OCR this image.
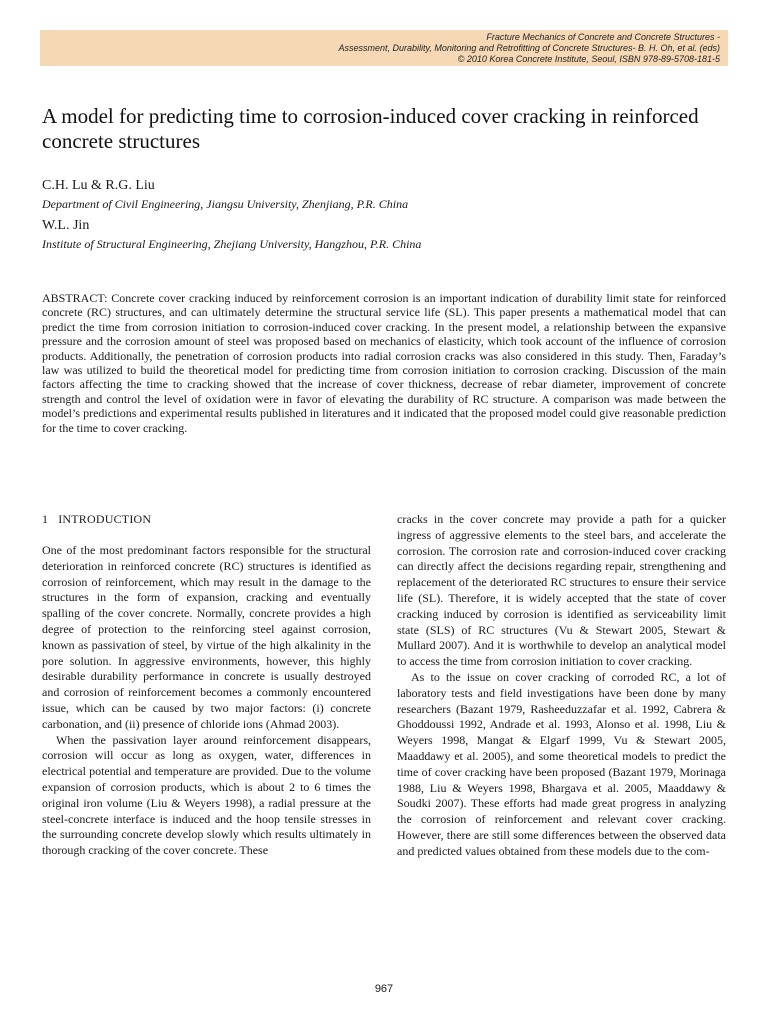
Fracture Mechanics of Concrete and Concrete Structures -
Assessment, Durability, Monitoring and Retrofitting of Concrete Structures- B. H. Oh, et al. (eds)
© 2010 Korea Concrete Institute, Seoul, ISBN 978-89-5708-181-5
A model for predicting time to corrosion-induced cover cracking in reinforced concrete structures
C.H. Lu & R.G. Liu
Department of Civil Engineering, Jiangsu University, Zhenjiang, P.R. China
W.L. Jin
Institute of Structural Engineering, Zhejiang University, Hangzhou, P.R. China

ABSTRACT: Concrete cover cracking induced by reinforcement corrosion is an important indication of durability limit state for reinforced concrete (RC) structures, and can ultimately determine the structural service life (SL). This paper presents a mathematical model that can predict the time from corrosion initiation to corrosion-induced cover cracking. In the present model, a relationship between the expansive pressure and the corrosion amount of steel was proposed based on mechanics of elasticity, which took account of the influence of corrosion products. Additionally, the penetration of corrosion products into radial corrosion cracks was also considered in this study. Then, Faraday’s law was utilized to build the theoretical model for predicting time from corrosion initiation to corrosion cracking. Discussion of the main factors affecting the time to cracking showed that the increase of cover thickness, decrease of rebar diameter, improvement of concrete strength and control the level of oxidation were in favor of elevating the durability of RC structure. A comparison was made between the model’s predictions and experimental results published in literatures and it indicated that the proposed model could give reasonable prediction for the time to cover cracking.

1 INTRODUCTION

One of the most predominant factors responsible for the structural deterioration in reinforced concrete (RC) structures is identified as corrosion of reinforcement, which may result in the damage to the structures in the form of expansion, cracking and eventually spalling of the cover concrete. Normally, concrete provides a high degree of protection to the reinforcing steel against corrosion, known as passivation of steel, by virtue of the high alkalinity in the pore solution. In aggressive environments, however, this highly desirable durability performance in concrete is usually destroyed and corrosion of reinforcement becomes a commonly encountered issue, which can be caused by two major factors: (i) concrete carbonation, and (ii) presence of chloride ions (Ahmad 2003).

When the passivation layer around reinforcement disappears, corrosion will occur as long as oxygen, water, differences in electrical potential and temperature are provided. Due to the volume expansion of corrosion products, which is about 2 to 6 times the original iron volume (Liu & Weyers 1998), a radial pressure at the steel-concrete interface is induced and the hoop tensile stresses in the surrounding concrete develop slowly which results ultimately in thorough cracking of the cover concrete. These

cracks in the cover concrete may provide a path for a quicker ingress of aggressive elements to the steel bars, and accelerate the corrosion. The corrosion rate and corrosion-induced cover cracking can directly affect the decisions regarding repair, strengthening and replacement of the deteriorated RC structures to ensure their service life (SL). Therefore, it is widely accepted that the state of cover cracking induced by corrosion is identified as serviceability limit state (SLS) of RC structures (Vu & Stewart 2005, Stewart & Mullard 2007). And it is worthwhile to develop an analytical model to access the time from corrosion initiation to cover cracking.

As to the issue on cover cracking of corroded RC, a lot of laboratory tests and field investigations have been done by many researchers (Bazant 1979, Rasheeduzzafar et al. 1992, Cabrera & Ghoddoussi 1992, Andrade et al. 1993, Alonso et al. 1998, Liu & Weyers 1998, Mangat & Elgarf 1999, Vu & Stewart 2005, Maaddawy et al. 2005), and some theoretical models to predict the time of cover cracking have been proposed (Bazant 1979, Morinaga 1988, Liu & Weyers 1998, Bhargava et al. 2005, Maaddawy & Soudki 2007). These efforts had made great progress in analyzing the corrosion of reinforcement and relevant cover cracking. However, there are still some differences between the observed data and predicted values obtained from these models due to the com-

967
